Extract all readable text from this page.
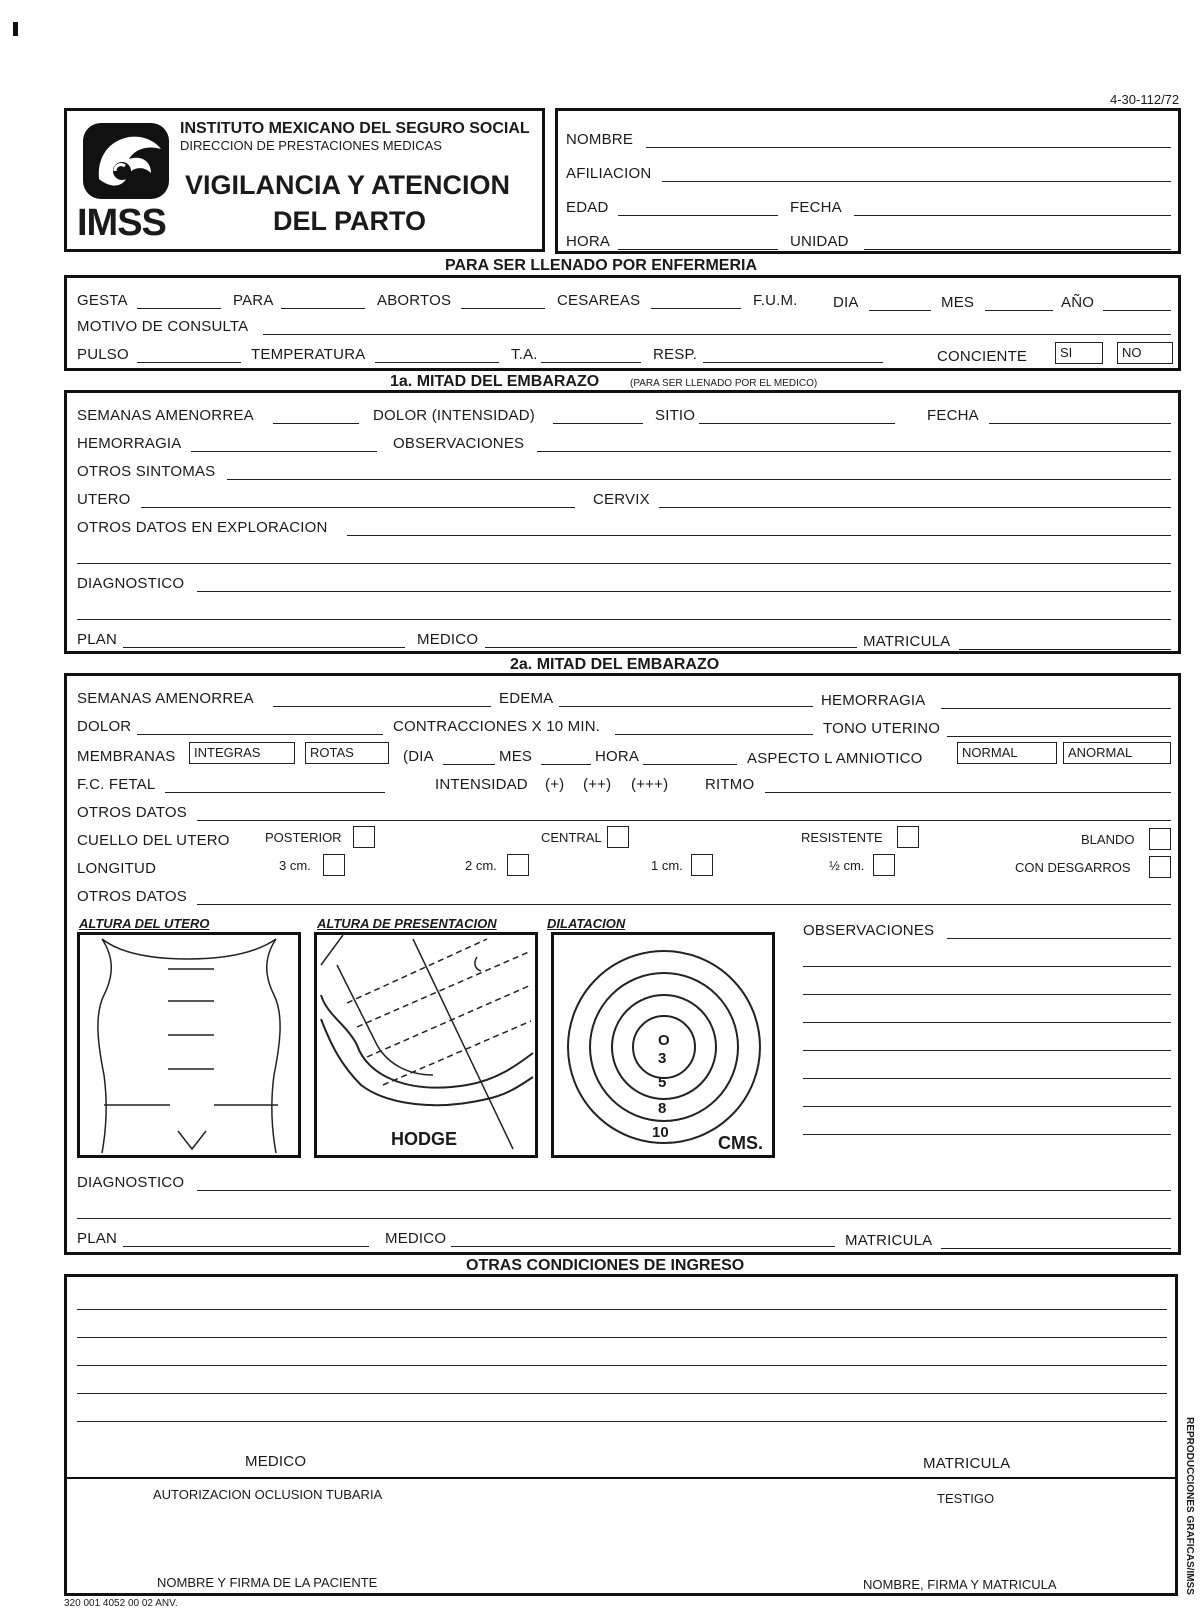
4-30-112/72
IMSS
INSTITUTO MEXICANO DEL SEGURO SOCIAL
DIRECCION DE PRESTACIONES MEDICAS
VIGILANCIA Y ATENCION
DEL PARTO
NOMBRE
AFILIACION
EDAD	FECHA
HORA	UNIDAD
PARA SER LLENADO POR ENFERMERIA
GESTA	PARA	ABORTOS	CESAREAS	F.U.M. DIA	MES	AÑO
MOTIVO DE CONSULTA
PULSO	TEMPERATURA	T.A.	RESP.	CONCIENTE	SI	NO
1a. MITAD DEL EMBARAZO	(PARA SER LLENADO POR EL MEDICO)
SEMANAS AMENORREA	DOLOR (INTENSIDAD)	SITIO	FECHA
HEMORRAGIA	OBSERVACIONES
OTROS SINTOMAS
UTERO	CERVIX
OTROS DATOS EN EXPLORACION
DIAGNOSTICO
PLAN	MEDICO	MATRICULA
2a. MITAD DEL EMBARAZO
SEMANAS AMENORREA	EDEMA	HEMORRAGIA
DOLOR	CONTRACCIONES X 10 MIN.	TONO UTERINO
MEMBRANAS	INTEGRAS	ROTAS	(DIA	MES	HORA	ASPECTO L AMNIOTICO	NORMAL	ANORMAL
F.C. FETAL	INTENSIDAD (+) (++) (+++) RITMO
OTROS DATOS
CUELLO DEL UTERO	POSTERIOR	CENTRAL	RESISTENTE	BLANDO
LONGITUD	3 cm.	2 cm.	1 cm.	½ cm.	CON DESGARROS
OTROS DATOS
ALTURA DEL UTERO	ALTURA DE PRESENTACION	DILATACION
HODGE
O
3
5
8
10
CMS.
OBSERVACIONES
DIAGNOSTICO
PLAN	MEDICO	MATRICULA
OTRAS CONDICIONES DE INGRESO
MEDICO	MATRICULA
AUTORIZACION OCLUSION TUBARIA	TESTIGO
NOMBRE Y FIRMA DE LA PACIENTE	NOMBRE, FIRMA Y MATRICULA
320 001 4052 00 02 ANV.
REPRODUCCIONES GRAFICAS/IMSS
